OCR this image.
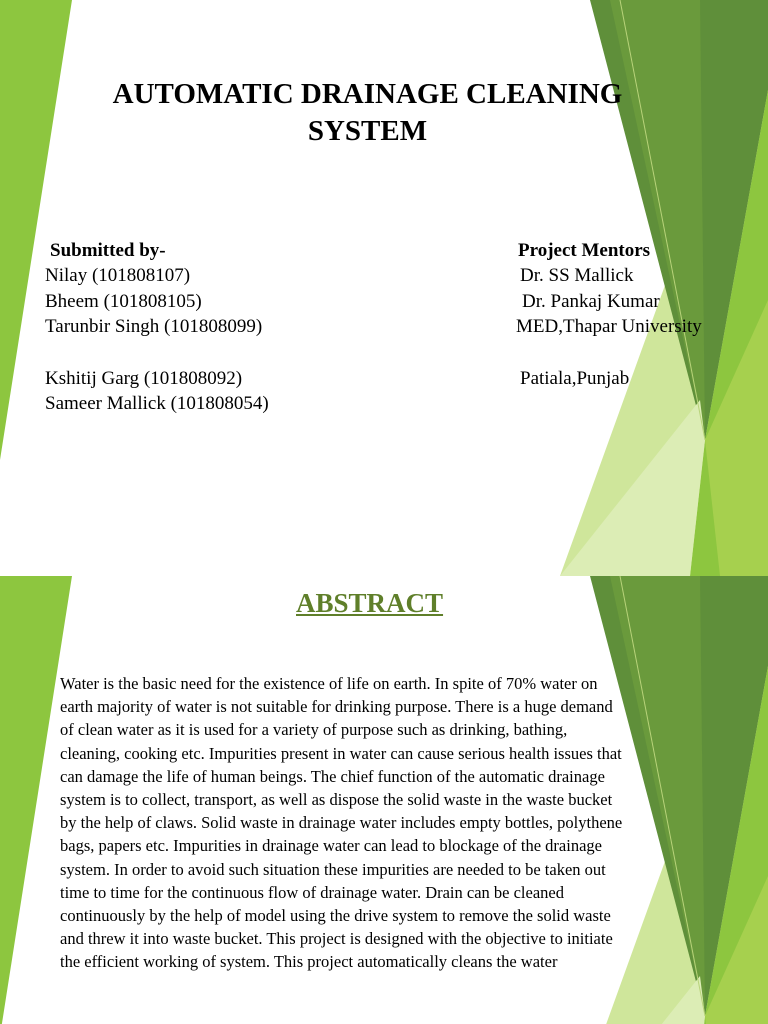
AUTOMATIC DRAINAGE CLEANING
SYSTEM
Submitted by-
Nilay (101808107)
Bheem (101808105)
Tarunbir Singh (101808099)
Kshitij Garg (101808092)
Sameer Mallick (101808054)
Project Mentors
Dr. SS Mallick
Dr. Pankaj Kumar
MED,Thapar University
Patiala,Punjab
ABSTRACT
Water is the basic need for the existence of life on earth. In spite of 70% water on earth majority of water is not suitable for drinking purpose. There is a huge demand of clean water as it is used for a variety of purpose such as drinking, bathing, cleaning, cooking etc. Impurities present in water can cause serious health issues that can damage the life of human beings. The chief function of the automatic drainage system is to collect, transport, as well as dispose the solid waste in the waste bucket by the help of claws. Solid waste in drainage water includes empty bottles, polythene bags, papers etc. Impurities in drainage water can lead to blockage of the drainage system. In order to avoid such situation these impurities are needed to be taken out time to time for the continuous flow of drainage water. Drain can be cleaned continuously by the help of model using the drive system to remove the solid waste and threw it into waste bucket. This project is designed with the objective to initiate the efficient working of system. This project automatically cleans the water
